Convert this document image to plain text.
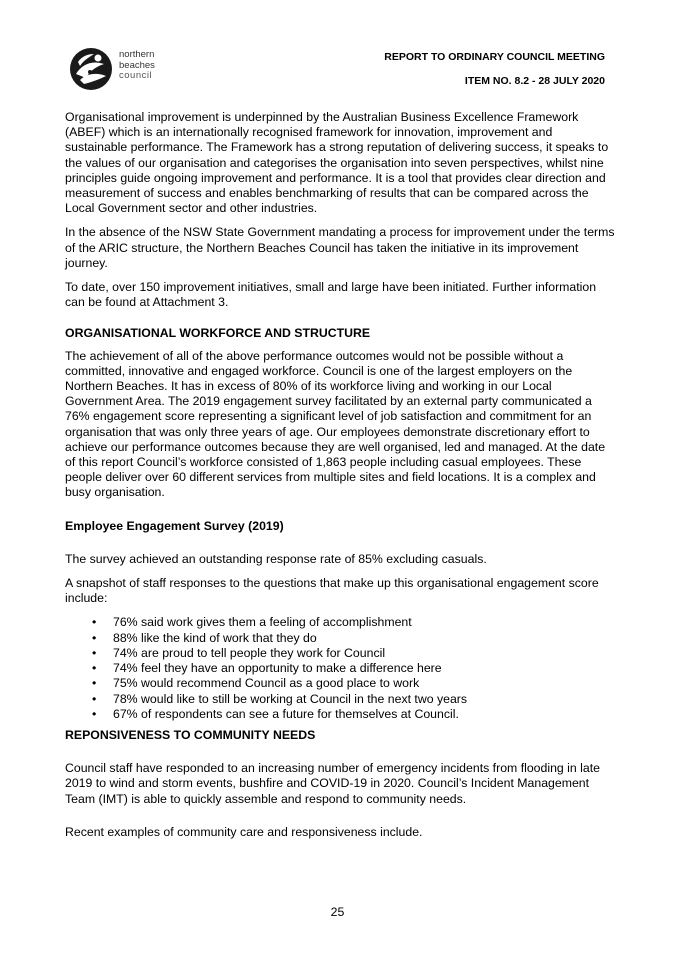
northern
beaches
council
REPORT TO ORDINARY COUNCIL MEETING
ITEM NO. 8.2 - 28 JULY 2020

Organisational improvement is underpinned by the Australian Business Excellence Framework (ABEF) which is an internationally recognised framework for innovation, improvement and sustainable performance. The Framework has a strong reputation of delivering success, it speaks to the values of our organisation and categorises the organisation into seven perspectives, whilst nine principles guide ongoing improvement and performance. It is a tool that provides clear direction and measurement of success and enables benchmarking of results that can be compared across the Local Government sector and other industries.

In the absence of the NSW State Government mandating a process for improvement under the terms of the ARIC structure, the Northern Beaches Council has taken the initiative in its improvement journey.

To date, over 150 improvement initiatives, small and large have been initiated. Further information can be found at Attachment 3.

ORGANISATIONAL WORKFORCE AND STRUCTURE

The achievement of all of the above performance outcomes would not be possible without a committed, innovative and engaged workforce. Council is one of the largest employers on the Northern Beaches. It has in excess of 80% of its workforce living and working in our Local Government Area. The 2019 engagement survey facilitated by an external party communicated a 76% engagement score representing a significant level of job satisfaction and commitment for an organisation that was only three years of age. Our employees demonstrate discretionary effort to achieve our performance outcomes because they are well organised, led and managed. At the date of this report Council’s workforce consisted of 1,863 people including casual employees. These people deliver over 60 different services from multiple sites and field locations. It is a complex and busy organisation.

Employee Engagement Survey (2019)

The survey achieved an outstanding response rate of 85% excluding casuals.

A snapshot of staff responses to the questions that make up this organisational engagement score include:

• 76% said work gives them a feeling of accomplishment
• 88% like the kind of work that they do
• 74% are proud to tell people they work for Council
• 74% feel they have an opportunity to make a difference here
• 75% would recommend Council as a good place to work
• 78% would like to still be working at Council in the next two years
• 67% of respondents can see a future for themselves at Council.
REPONSIVENESS TO COMMUNITY NEEDS

Council staff have responded to an increasing number of emergency incidents from flooding in late 2019 to wind and storm events, bushfire and COVID-19 in 2020. Council’s Incident Management Team (IMT) is able to quickly assemble and respond to community needs.

Recent examples of community care and responsiveness include.

25
